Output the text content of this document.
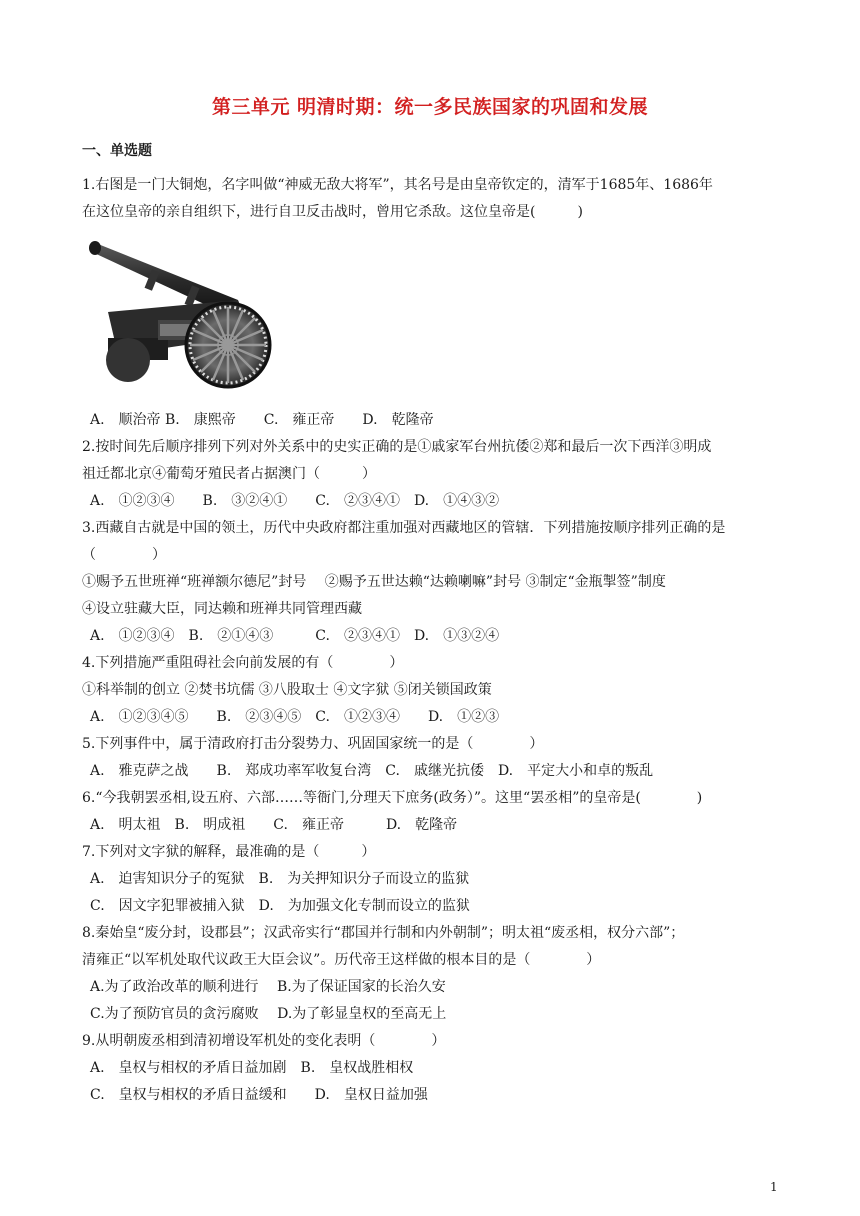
第三单元 明清时期：统一多民族国家的巩固和发展
一、单选题
1.右图是一门大铜炮，名字叫做“神威无敌大将军”，其名号是由皇帝钦定的，清军于1685年、1686年
在这位皇帝的亲自组织下，进行自卫反击战时，曾用它杀敌。这位皇帝是(　　　)
A.　顺治帝 B.　康熙帝　　C.　雍正帝　　D.　乾隆帝
2.按时间先后顺序排列下列对外关系中的史实正确的是①戚家军台州抗倭②郑和最后一次下西洋③明成
祖迁都北京④葡萄牙殖民者占据澳门（　　　）
A.　①②③④　　B.　③②④①　　C.　②③④①　D.　①④③②
3.西藏自古就是中国的领土，历代中央政府都注重加强对西藏地区的管辖．下列措施按顺序排列正确的是
（　　　　）
①赐予五世班禅“班禅额尔德尼”封号　 ②赐予五世达赖“达赖喇嘛”封号 ③制定“金瓶掣签”制度
④设立驻藏大臣，同达赖和班禅共同管理西藏
A.　①②③④　B.　②①④③　　　C.　②③④①　D.　①③②④
4.下列措施严重阻碍社会向前发展的有（　　　　）
①科举制的创立 ②焚书坑儒 ③八股取士 ④文字狱 ⑤闭关锁国政策
A.　①②③④⑤　　B.　②③④⑤　C.　①②③④　　D.　①②③
5.下列事件中，属于清政府打击分裂势力、巩固国家统一的是（　　　　）
A.　雅克萨之战　　B.　郑成功率军收复台湾　C.　戚继光抗倭　D.　平定大小和卓的叛乱
6.“今我朝罢丞相,设五府、六部……等衙门,分理天下庶务(政务）”。这里“罢丞相”的皇帝是(　　　　)
A.　明太祖　B.　明成祖　　C.　雍正帝　　　D.　乾隆帝
7.下列对文字狱的解释，最准确的是（　　　）
A.　迫害知识分子的冤狱　B.　为关押知识分子而设立的监狱
C.　因文字犯罪被捕入狱　D.　为加强文化专制而设立的监狱
8.秦始皇“废分封，设郡县”；汉武帝实行“郡国并行制和内外朝制”；明太祖“废丞相，权分六部”；
清雍正“以军机处取代议政王大臣会议”。历代帝王这样做的根本目的是（　　　　）
A.为了政治改革的顺利进行　 B.为了保证国家的长治久安
C.为了预防官员的贪污腐败　 D.为了彰显皇权的至高无上
9.从明朝废丞相到清初增设军机处的变化表明（　　　　）
A.　皇权与相权的矛盾日益加剧　B.　皇权战胜相权
C.　皇权与相权的矛盾日益缓和　　D.　皇权日益加强
1
